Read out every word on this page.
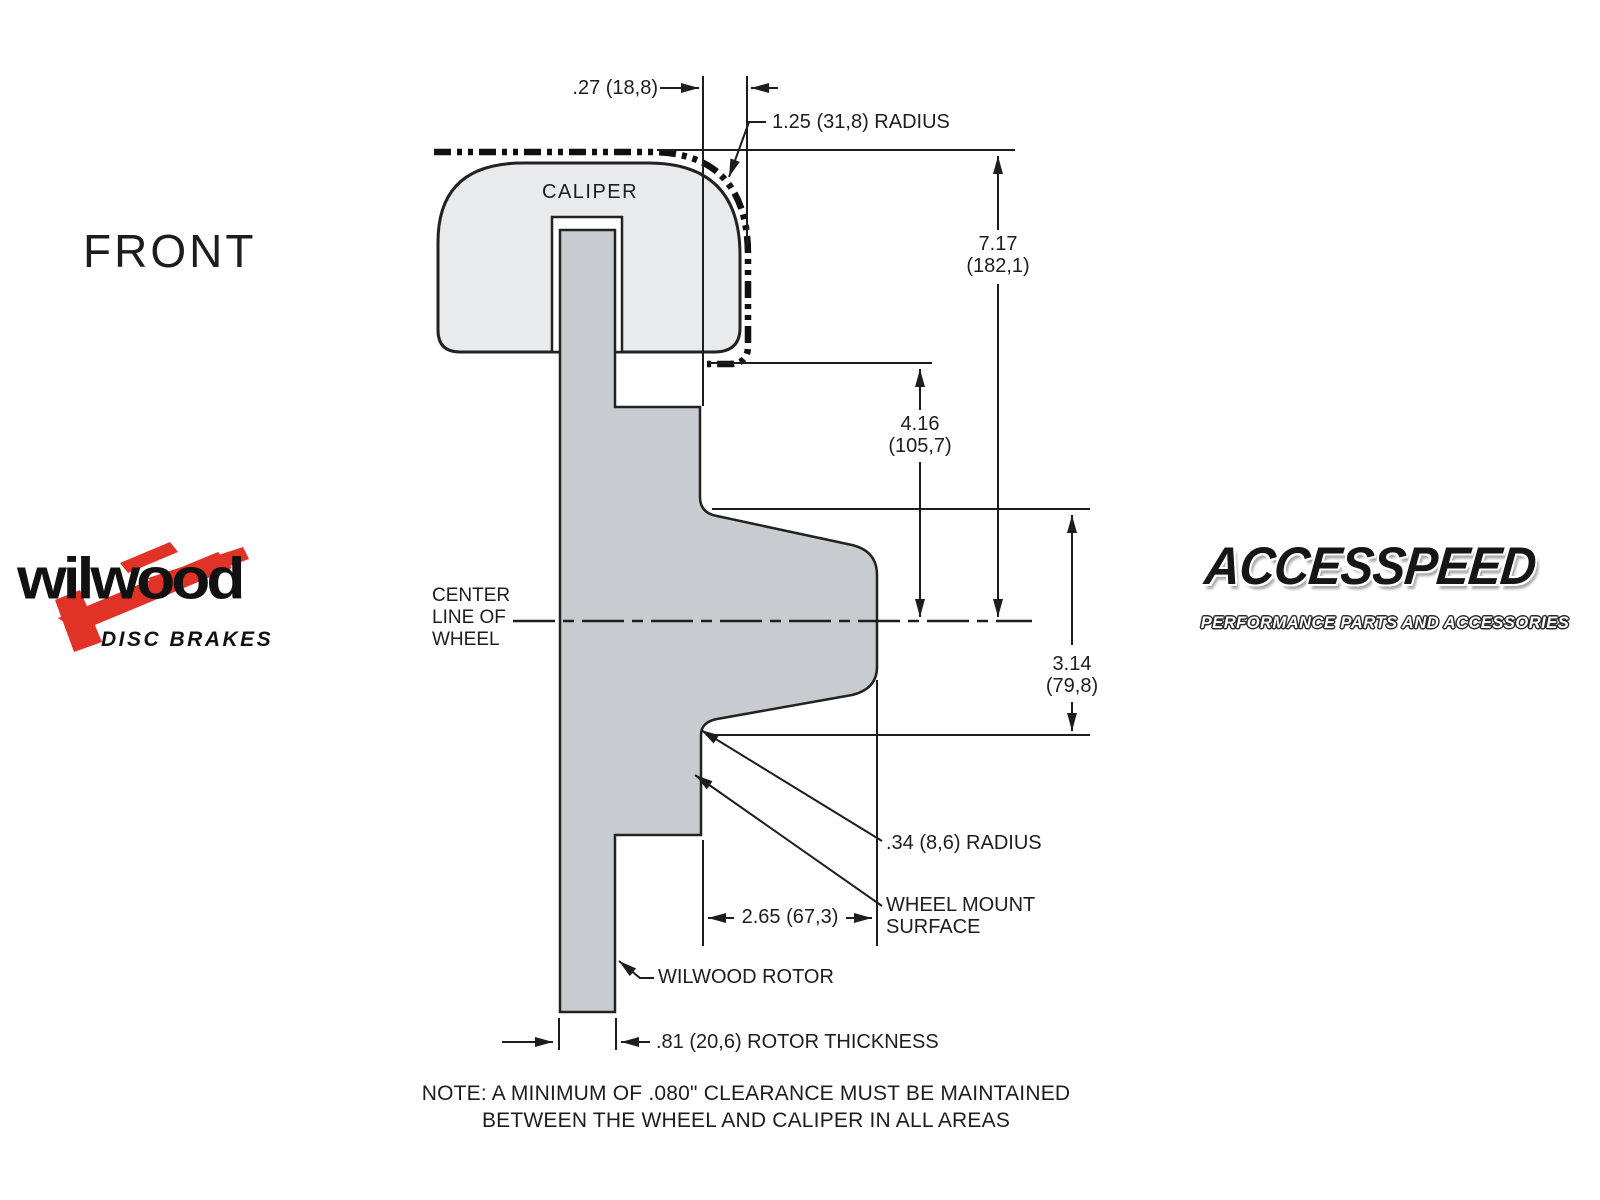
FRONT
CALIPER
.27 (18,8)
1.25 (31,8) RADIUS
7.17
(182,1)
4.16
(105,7)
3.14
(79,8)
CENTER
LINE OF
WHEEL
.34 (8,6) RADIUS
WHEEL MOUNT
SURFACE
2.65 (67,3)
WILWOOD ROTOR
.81 (20,6) ROTOR THICKNESS
NOTE: A MINIMUM OF .080" CLEARANCE MUST BE MAINTAINED
BETWEEN THE WHEEL AND CALIPER IN ALL AREAS
wilwood
DISC BRAKES
ACCESSPEED
PERFORMANCE PARTS AND ACCESSORIES
